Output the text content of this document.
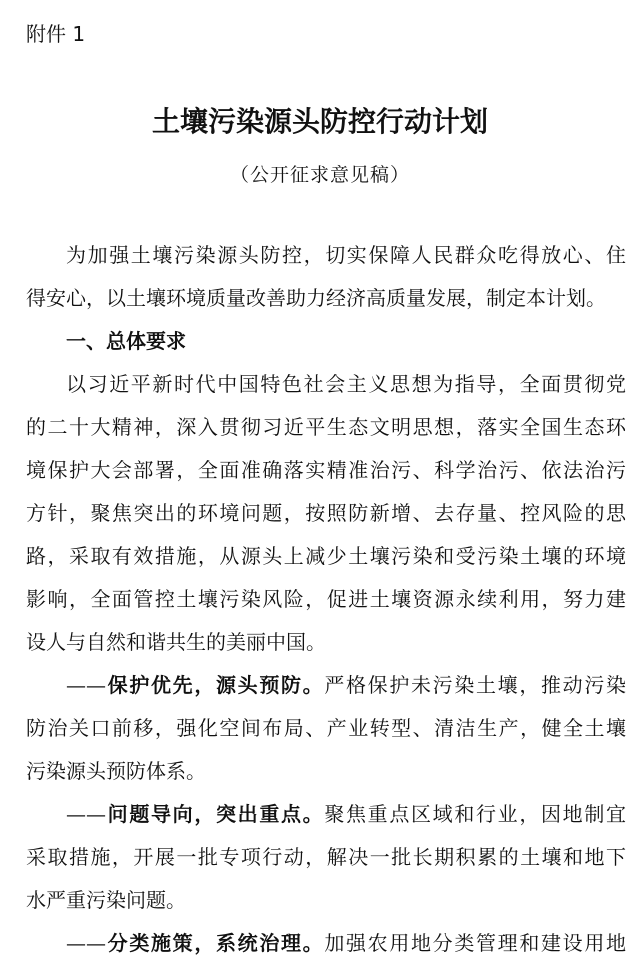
附件 1
土壤污染源头防控行动计划
（公开征求意见稿）
为加强土壤污染源头防控，切实保障人民群众吃得放心、住
得安心，以土壤环境质量改善助力经济高质量发展，制定本计划。
一、总体要求
以习近平新时代中国特色社会主义思想为指导，全面贯彻党
的二十大精神，深入贯彻习近平生态文明思想，落实全国生态环
境保护大会部署，全面准确落实精准治污、科学治污、依法治污
方针，聚焦突出的环境问题，按照防新增、去存量、控风险的思
路，采取有效措施，从源头上减少土壤污染和受污染土壤的环境
影响，全面管控土壤污染风险，促进土壤资源永续利用，努力建
设人与自然和谐共生的美丽中国。
——保护优先，源头预防。严格保护未污染土壤，推动污染
防治关口前移，强化空间布局、产业转型、清洁生产，健全土壤
污染源头预防体系。
——问题导向，突出重点。聚焦重点区域和行业，因地制宜
采取措施，开展一批专项行动，解决一批长期积累的土壤和地下
水严重污染问题。
——分类施策，系统治理。加强农用地分类管理和建设用地
